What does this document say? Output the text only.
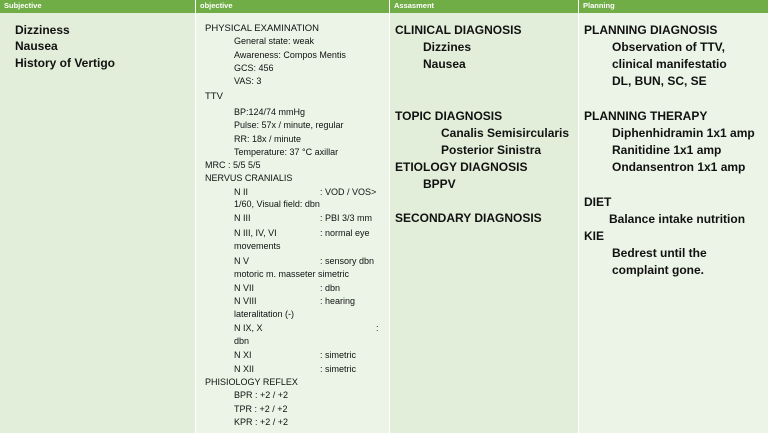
Subjective	objective	Assasment	Planning
Dizziness
Nausea
History of Vertigo
PHYSICAL EXAMINATION
General state: weak
Awareness: Compos Mentis
GCS: 456
VAS: 3
TTV
BP:124/74 mmHg
Pulse: 57x / minute, regular
RR: 18x / minute
Temperature: 37 °C axillar
MRC : 5/5 5/5
NERVUS CRANIALIS
N II	: VOD / VOS>
1/60, Visual field: dbn
N III	: PBI 3/3 mm
N III, IV, VI	: normal eye
movements
N V	: sensory dbn
motoric m. masseter simetric
N VII	: dbn
N VIII	: hearing
lateralitation (-)
N IX, X	:
dbn
N XI	: simetric
N XII	: simetric
PHISIOLOGY REFLEX
BPR : +2 / +2
TPR : +2 / +2
KPR : +2 / +2
CLINICAL DIAGNOSIS
Dizzines
Nausea
TOPIC DIAGNOSIS
Canalis Semisircularis
Posterior Sinistra
ETIOLOGY DIAGNOSIS
BPPV
SECONDARY DIAGNOSIS
PLANNING DIAGNOSIS
Observation of TTV,
clinical manifestatio
DL, BUN, SC, SE
PLANNING THERAPY
Diphenhidramin 1x1 amp
Ranitidine 1x1 amp
Ondansentron 1x1 amp
DIET
Balance intake nutrition
KIE
Bedrest until the
complaint gone.
